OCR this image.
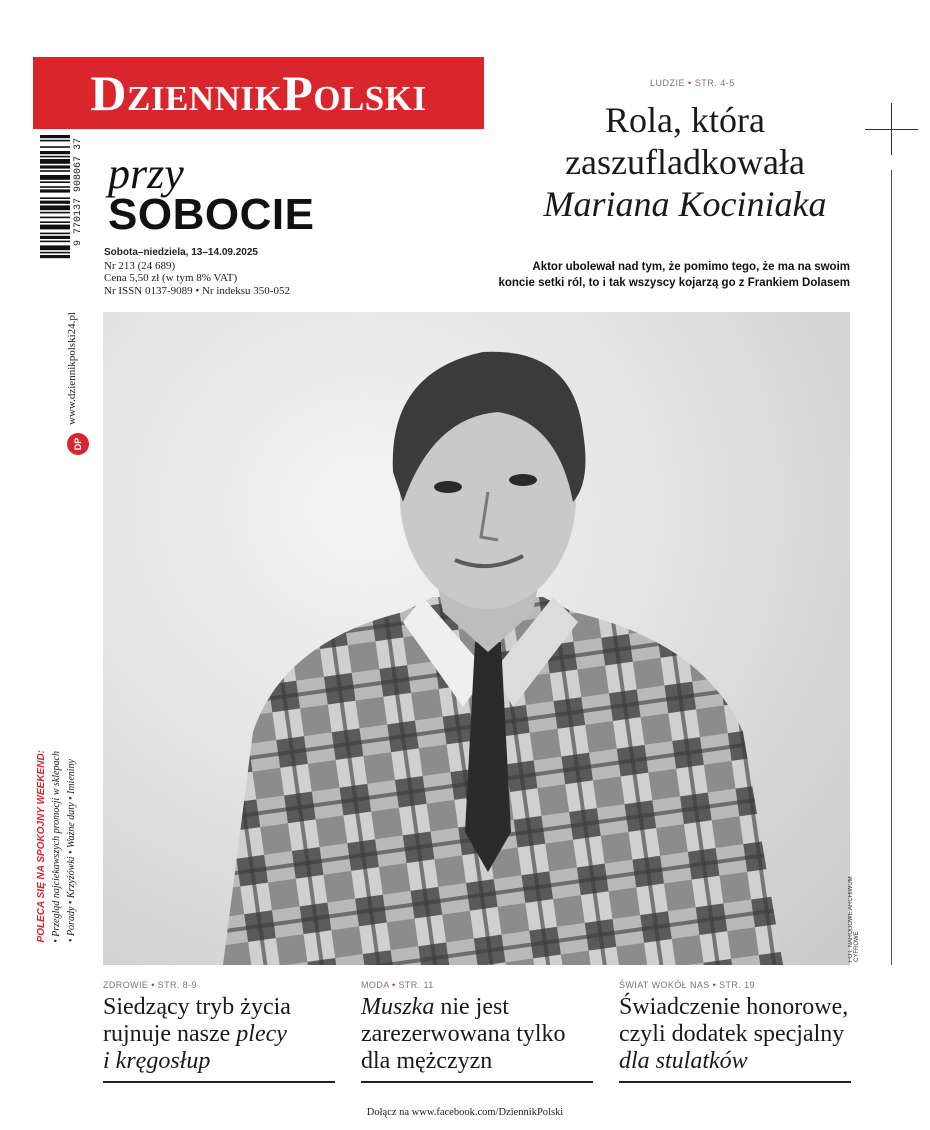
DziennikPolski
przy
SOBOCIE
Sobota–niedziela, 13–14.09.2025
Nr 213 (24 689)
Cena 5,50 zł (w tym 8% VAT)
Nr ISSN 0137-9089 • Nr indeksu 350-052
9 770137 908067 37
www.dziennikpolski24.pl
DP
POLECA SIĘ NA SPOKOJNY WEEKEND: • Przegląd najciekawszych promocji w sklepach • Porady • Krzyżówki • Ważne daty • Imieniny
LUDZIE • STR. 4-5
Rola, która
zaszufladkowała
Mariana Kociniaka
Aktor ubolewał nad tym, że pomimo tego, że ma na swoim
koncie setki ról, to i tak wszyscy kojarzą go z Frankiem Dolasem
FOT. NARODOWE ARCHIWUM CYFROWE
ZDROWIE • STR. 8-9
Siedzący tryb życia
rujnuje nasze plecy
i kręgosłup
MODA • STR. 11
Muszka nie jest
zarezerwowana tylko
dla mężczyzn
ŚWIAT WOKÓŁ NAS • STR. 19
Świadczenie honorowe,
czyli dodatek specjalny
dla stulatków
Dołącz na www.facebook.com/DziennikPolski
